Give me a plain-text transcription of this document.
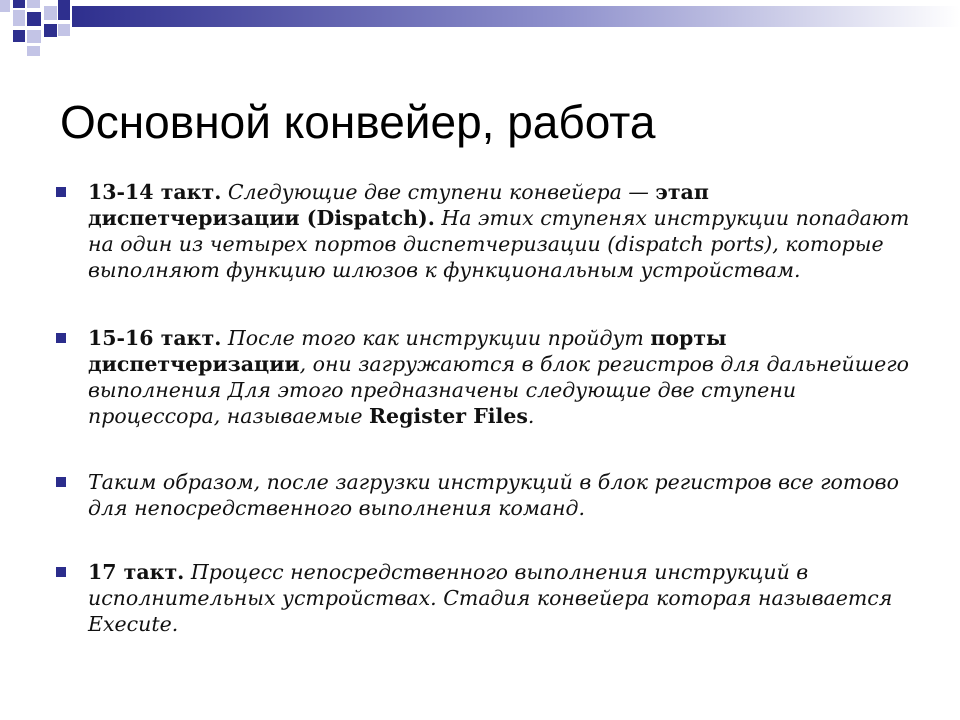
Основной конвейер, работа
13-14 такт. Следующие две ступени конвейера — этап диспетчеризации (Dispatch). На этих ступенях инструкции попадают на один из четырех портов диспетчеризации (dispatch ports), которые выполняют функцию шлюзов к функциональным устройствам.
15-16 такт. После того как инструкции пройдут порты диспетчеризации, они загружаются в блок регистров для дальнейшего выполнения Для этого предназначены следующие две ступени процессора, называемые Register Files.
Таким образом, после загрузки инструкций в блок регистров все готово для непосредственного выполнения команд.
17 такт. Процесс непосредственного выполнения инструкций в исполнительных устройствах. Стадия конвейера которая называется Execute.
